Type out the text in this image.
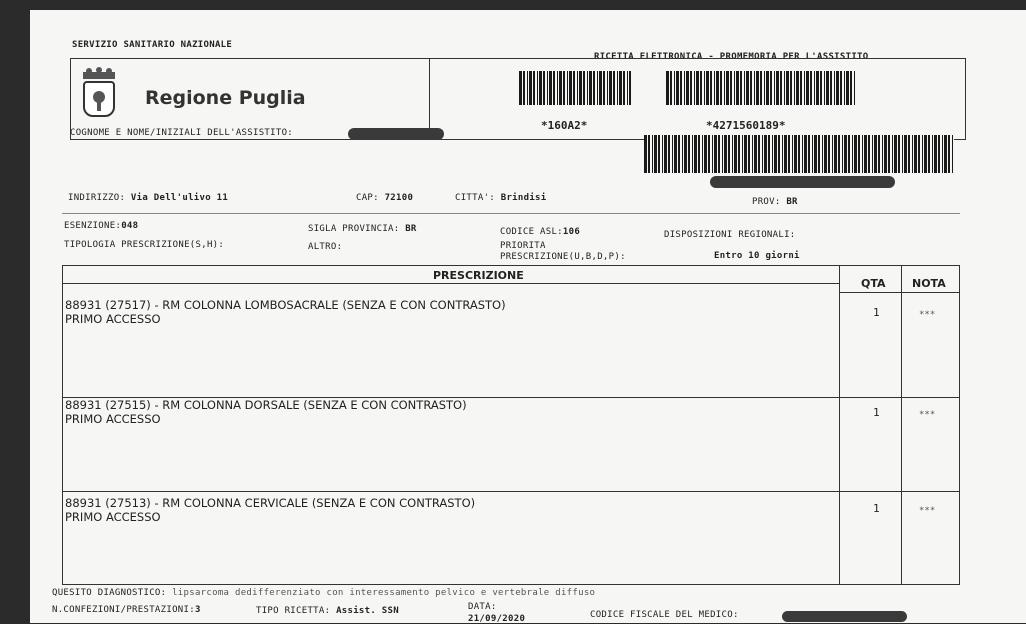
SERVIZIO SANITARIO NAZIONALE
RICETTA ELETTRONICA - PROMEMORIA PER L'ASSISTITO
Regione Puglia
*160A2*	*4271560189*
COGNOME E NOME/INIZIALI DELL'ASSISTITO:
INDIRIZZO: Via Dell'ulivo 11	CAP: 72100	CITTA': Brindisi	PROV: BR
ESENZIONE:048	SIGLA PROVINCIA: BR	CODICE ASL:106	DISPOSIZIONI REGIONALI:
TIPOLOGIA PRESCRIZIONE(S,H):	ALTRO:	PRIORITA
PRESCRIZIONE(U,B,D,P):	Entro 10 giorni
PRESCRIZIONE
QTA NOTA
88931 (27517) - RM COLONNA LOMBOSACRALE (SENZA E CON CONTRASTO)
PRIMO ACCESSO	1	***
88931 (27515) - RM COLONNA DORSALE (SENZA E CON CONTRASTO)
PRIMO ACCESSO	1	***
88931 (27513) - RM COLONNA CERVICALE (SENZA E CON CONTRASTO)
PRIMO ACCESSO
1	***
QUESITO DIAGNOSTICO: lipsarcoma dedifferenziato con interessamento pelvico e vertebrale diffuso
N.CONFEZIONI/PRESTAZIONI:3	TIPO RICETTA: Assist. SSN	DATA:
21/09/2020	CODICE FISCALE DEL MEDICO:
